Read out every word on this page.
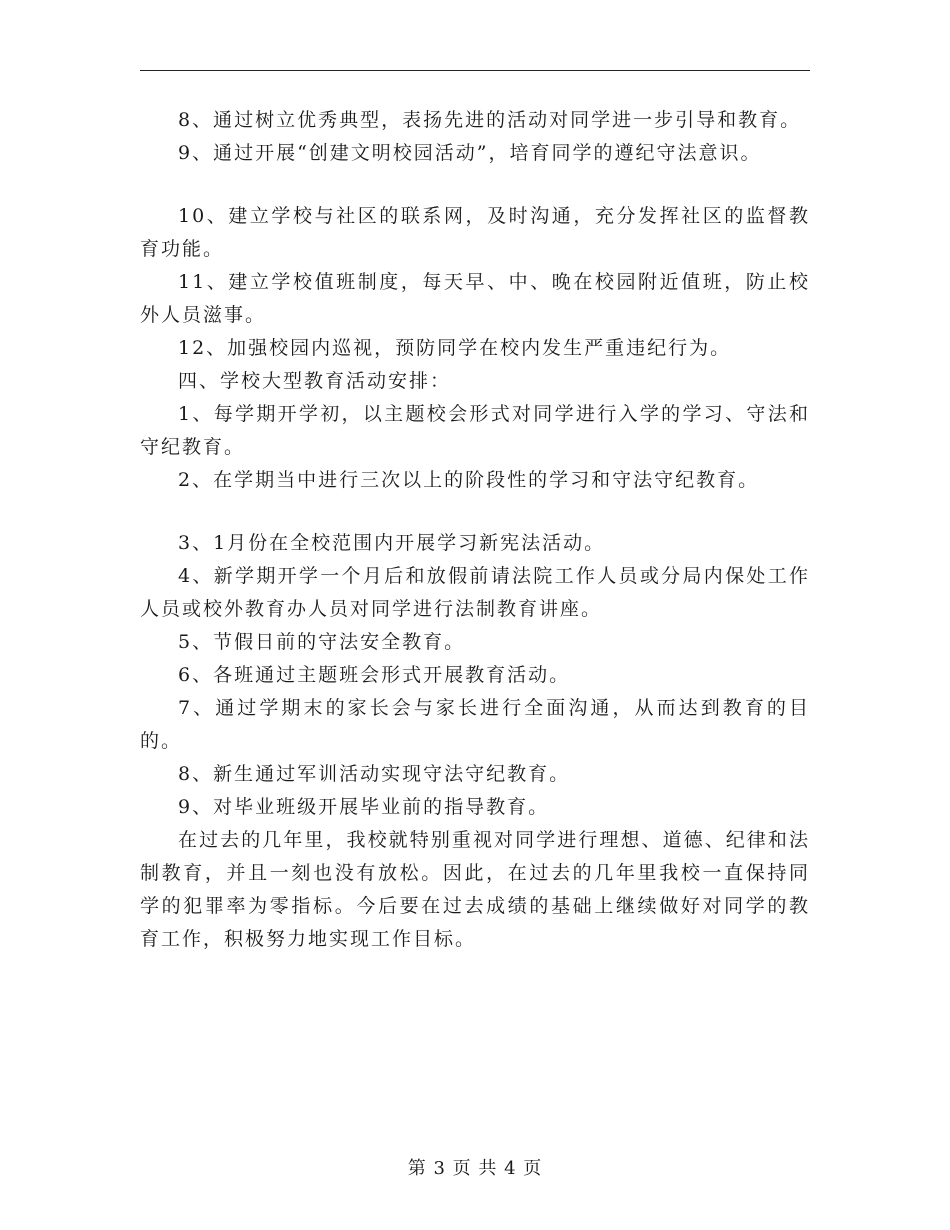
8、通过树立优秀典型，表扬先进的活动对同学进一步引导和教育。

9、通过开展“创建文明校园活动”，培育同学的遵纪守法意识。

10、建立学校与社区的联系网，及时沟通，充分发挥社区的监督教育功能。

11、建立学校值班制度，每天早、中、晚在校园附近值班，防止校外人员滋事。

12、加强校园内巡视，预防同学在校内发生严重违纪行为。

四、学校大型教育活动安排：

1、每学期开学初，以主题校会形式对同学进行入学的学习、守法和守纪教育。

2、在学期当中进行三次以上的阶段性的学习和守法守纪教育。

3、1月份在全校范围内开展学习新宪法活动。

4、新学期开学一个月后和放假前请法院工作人员或分局内保处工作人员或校外教育办人员对同学进行法制教育讲座。

5、节假日前的守法安全教育。

6、各班通过主题班会形式开展教育活动。

7、通过学期末的家长会与家长进行全面沟通，从而达到教育的目的。

8、新生通过军训活动实现守法守纪教育。

9、对毕业班级开展毕业前的指导教育。

在过去的几年里，我校就特别重视对同学进行理想、道德、纪律和法制教育，并且一刻也没有放松。因此，在过去的几年里我校一直保持同学的犯罪率为零指标。今后要在过去成绩的基础上继续做好对同学的教育工作，积极努力地实现工作目标。

第 3 页 共 4 页
